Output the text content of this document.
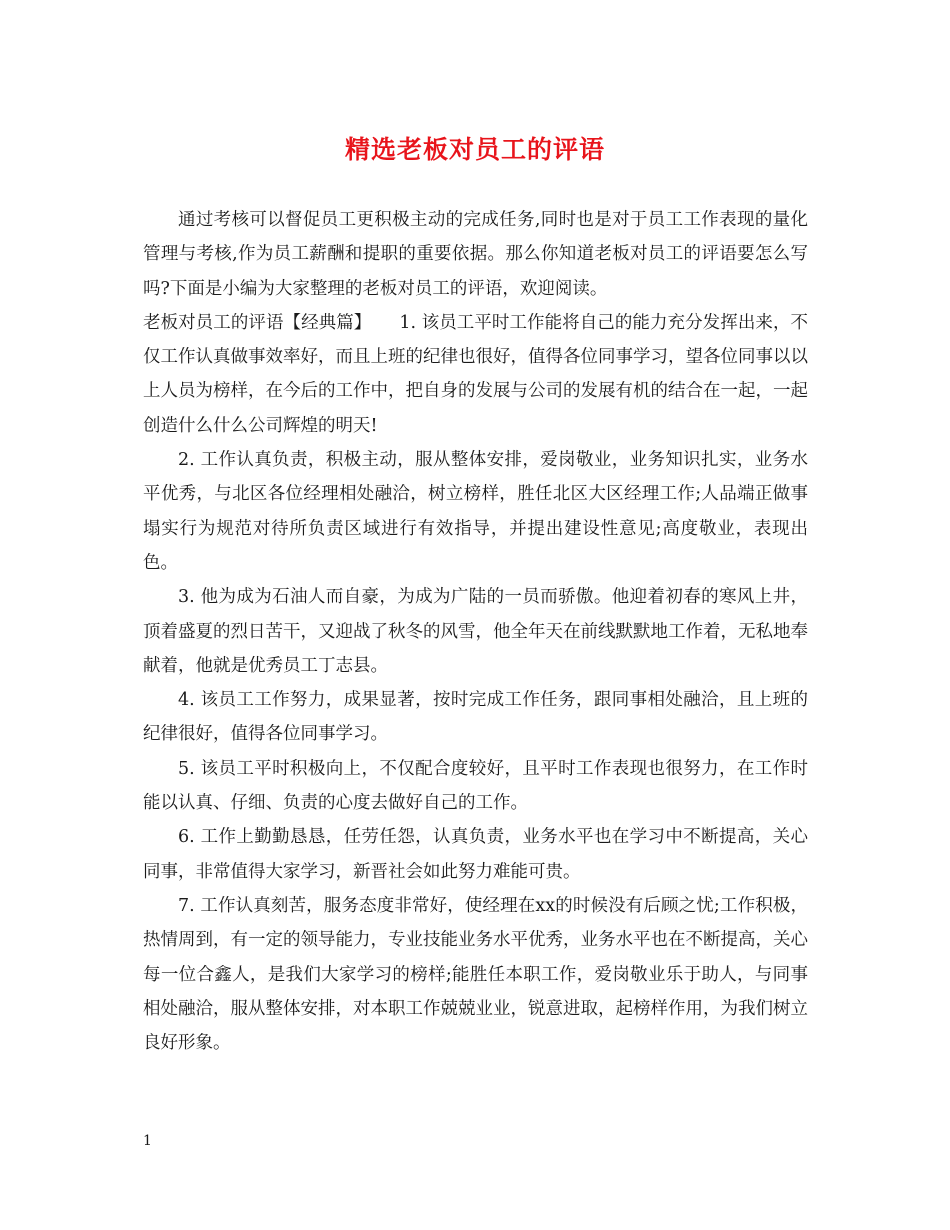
精选老板对员工的评语

通过考核可以督促员工更积极主动的完成任务,同时也是对于员工工作表现的量化管理与考核,作为员工薪酬和提职的重要依据。那么你知道老板对员工的评语要怎么写吗?下面是小编为大家整理的老板对员工的评语，欢迎阅读。

老板对员工的评语【经典篇】 1. 该员工平时工作能将自己的能力充分发挥出来，不仅工作认真做事效率好，而且上班的纪律也很好，值得各位同事学习，望各位同事以以上人员为榜样，在今后的工作中，把自身的发展与公司的发展有机的结合在一起，一起创造什么什么公司辉煌的明天!

2. 工作认真负责，积极主动，服从整体安排，爱岗敬业，业务知识扎实，业务水平优秀，与北区各位经理相处融洽，树立榜样，胜任北区大区经理工作;人品端正做事塌实行为规范对待所负责区域进行有效指导，并提出建设性意见;高度敬业，表现出色。

3. 他为成为石油人而自豪，为成为广陆的一员而骄傲。他迎着初春的寒风上井，顶着盛夏的烈日苦干，又迎战了秋冬的风雪，他全年天在前线默默地工作着，无私地奉献着，他就是优秀员工丁志县。

4. 该员工工作努力，成果显著，按时完成工作任务，跟同事相处融洽，且上班的纪律很好，值得各位同事学习。

5. 该员工平时积极向上，不仅配合度较好，且平时工作表现也很努力，在工作时能以认真、仔细、负责的心度去做好自己的工作。

6. 工作上勤勤恳恳，任劳任怨，认真负责，业务水平也在学习中不断提高，关心同事，非常值得大家学习，新晋社会如此努力难能可贵。

7. 工作认真刻苦，服务态度非常好，使经理在xx的时候没有后顾之忧;工作积极，热情周到，有一定的领导能力，专业技能业务水平优秀，业务水平也在不断提高，关心每一位合鑫人，是我们大家学习的榜样;能胜任本职工作，爱岗敬业乐于助人，与同事相处融洽，服从整体安排，对本职工作兢兢业业，锐意进取，起榜样作用，为我们树立良好形象。

1
